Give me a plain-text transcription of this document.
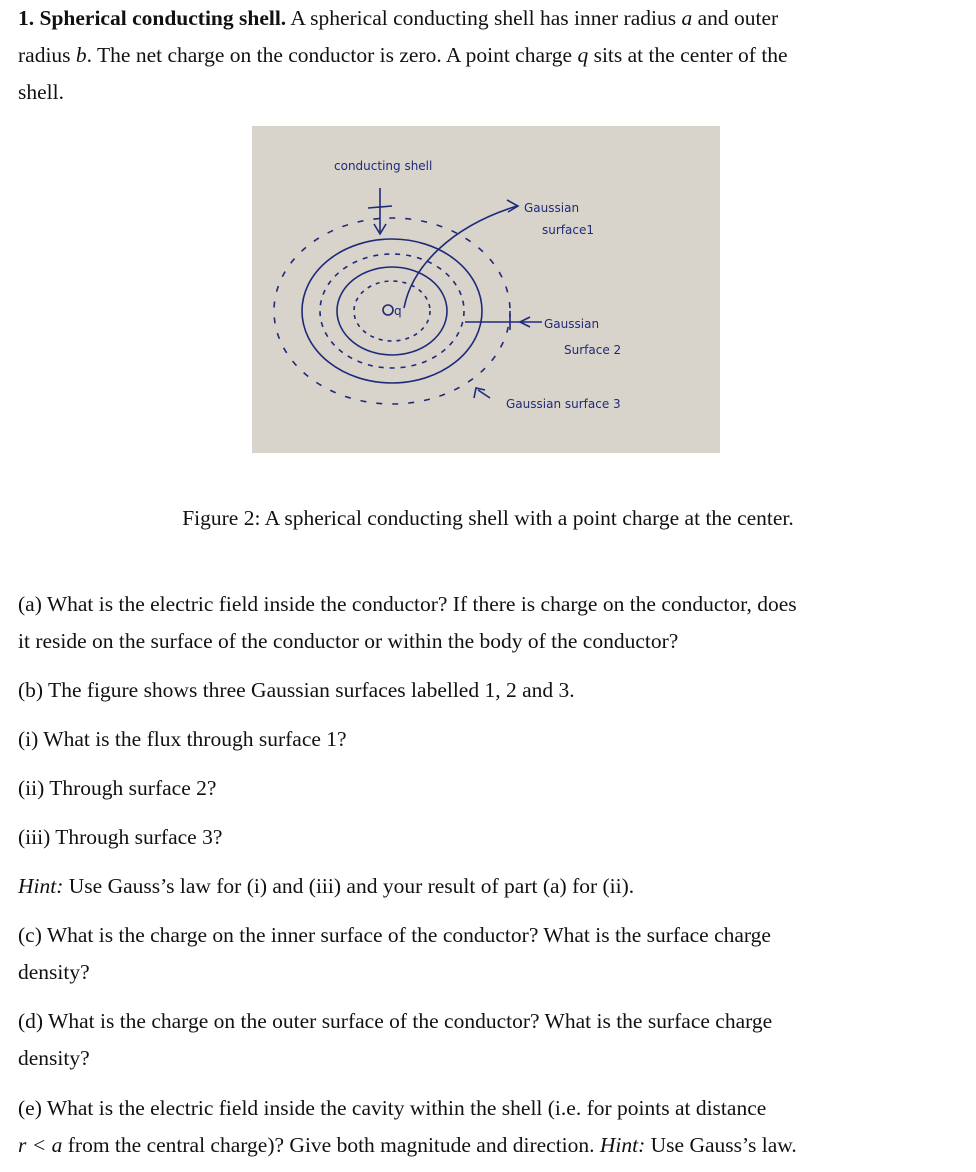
1. Spherical conducting shell. A spherical conducting shell has inner radius a and outer

radius b. The net charge on the conductor is zero. A point charge q sits at the center of the

shell.

conducting shell
q
Gaussian
surface1
Gaussian
Surface 2
Gaussian surface 3
Figure 2: A spherical conducting shell with a point charge at the center.

(a) What is the electric field inside the conductor? If there is charge on the conductor, does

it reside on the surface of the conductor or within the body of the conductor?

(b) The figure shows three Gaussian surfaces labelled 1, 2 and 3.

(i) What is the flux through surface 1?

(ii) Through surface 2?

(iii) Through surface 3?

Hint: Use Gauss’s law for (i) and (iii) and your result of part (a) for (ii).

(c) What is the charge on the inner surface of the conductor? What is the surface charge

density?

(d) What is the charge on the outer surface of the conductor? What is the surface charge

density?

(e) What is the electric field inside the cavity within the shell (i.e. for points at distance

r < a from the central charge)? Give both magnitude and direction. Hint: Use Gauss’s law.
